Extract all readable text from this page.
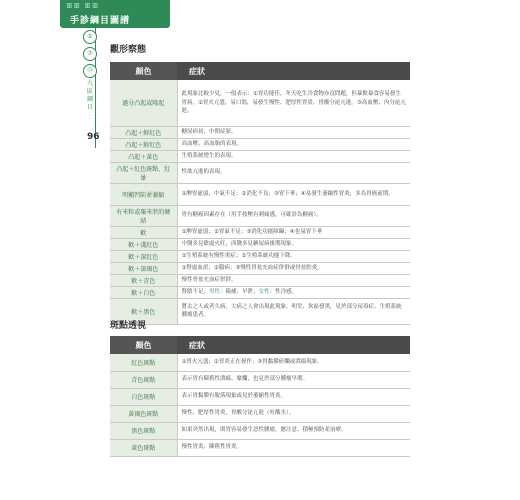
ꕥꕥ ꕥꕥ
手診綱目圖譜
⑤
⑦
⑮
九區綱目
：
96
觀形察態
顏色	症狀
過分凸起或隆起	此現象比較少見，一般表示：①胃功能佳，冬天吃生冷食物亦沒問題，但暴飲暴食容易發生胃病。②胃火亢盛，易口渴，易發生慢性、肥厚性胃炎、胃酸分泌亢進。③高血壓、內分泌亢進。
凸起＋鮮紅色	糖尿病初、中期症狀。
凸起＋鮮紅色	高血壓、高血脂的表現。
凸起＋黃色	生殖系統增生的表現。
凸起＋紅色斑點、紅暈	性欲亢進的表現。
明顯凹陷並萎縮	①脾胃虛弱、中氣不足；②消化不良；③胃下垂；④易發生萎縮性胃炎，多為胃癌前期。
有米粒或粟米狀的硬結	胃有糖癌因素存在（用手按壓有刺痛感，可確診為糖癌）。
軟	①脾胃虛弱；②胃氣不足；③消化功能障礙；④也易胃下垂
軟＋淺紅色	中醫多見陰虛火旺，西醫多見糖尿病後期現象。
軟＋深紅色	①生殖系統有慢性炎症；②生殖系統功能下降。
軟＋深褐色	①腎虛血淤；②腦病；③慢性胃盆充血症併群或骨盆腔炎。
軟＋青色	慢性骨盆充血症併群。
軟＋白色	腎陰不足，男性：陽痿、早泄；女性：性冷感。
軟＋黑色	將去之人或者久病、大病之人會出現此現象。明堂、坎區發黑，見於部分尿毒症、生殖系統腫瘤患者。
斑點透視
顏色	症狀
紅色斑點	①胃火亢盛；②胃炎正在發作；③胃黏膜瘀爛或潰瘍現象。
青色斑點	表示胃有陳舊性潰瘍、糜爛，也見於部分腫瘤早期。
白色斑點	表示胃黏膜有脫落現象或見於萎縮性胃炎。
黃褐色斑點	慢性、肥厚性胃炎，胃酸分泌亢進（吐酸水）。
黑色斑點	如果突然出現，則胃容易發生惡性腫瘤，應注意，積極預防並治療。
黃色斑點	慢性胃炎、陳舊性胃炎。
